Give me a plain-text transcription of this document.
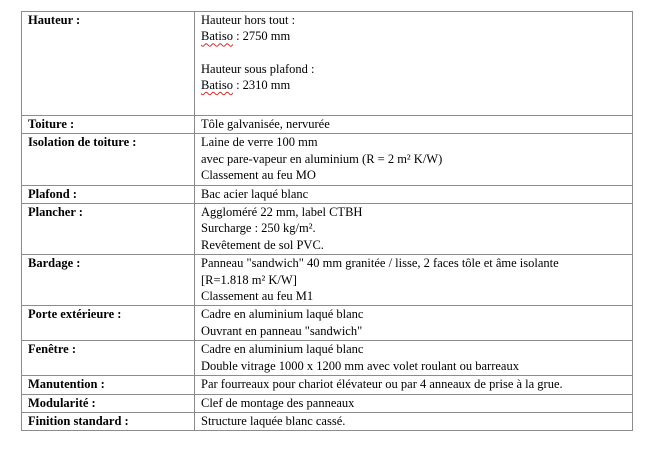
Hauteur :	Hauteur hors tout :
Batiso : 2750 mm
Hauteur sous plafond :
Batiso : 2310 mm

Toiture :	Tôle galvanisée, nervurée

Isolation de toiture :	Laine de verre 100 mm
avec pare-vapeur en aluminium (R = 2 m² K/W)
Classement au feu MO

Plafond :	Bac acier laqué blanc

Plancher :	Aggloméré 22 mm, label CTBH
Surcharge : 250 kg/m².
Revêtement de sol PVC.

Bardage :	Panneau "sandwich" 40 mm granitée / lisse, 2 faces tôle et âme isolante
[R=1.818 m² K/W]
Classement au feu M1

Porte extérieure :	Cadre en aluminium laqué blanc
Ouvrant en panneau "sandwich"

Fenêtre :	Cadre en aluminium laqué blanc
Double vitrage 1000 x 1200 mm avec volet roulant ou barreaux

Manutention :	Par fourreaux pour chariot élévateur ou par 4 anneaux de prise à la grue.

Modularité :	Clef de montage des panneaux

Finition standard :	Structure laquée blanc cassé.
